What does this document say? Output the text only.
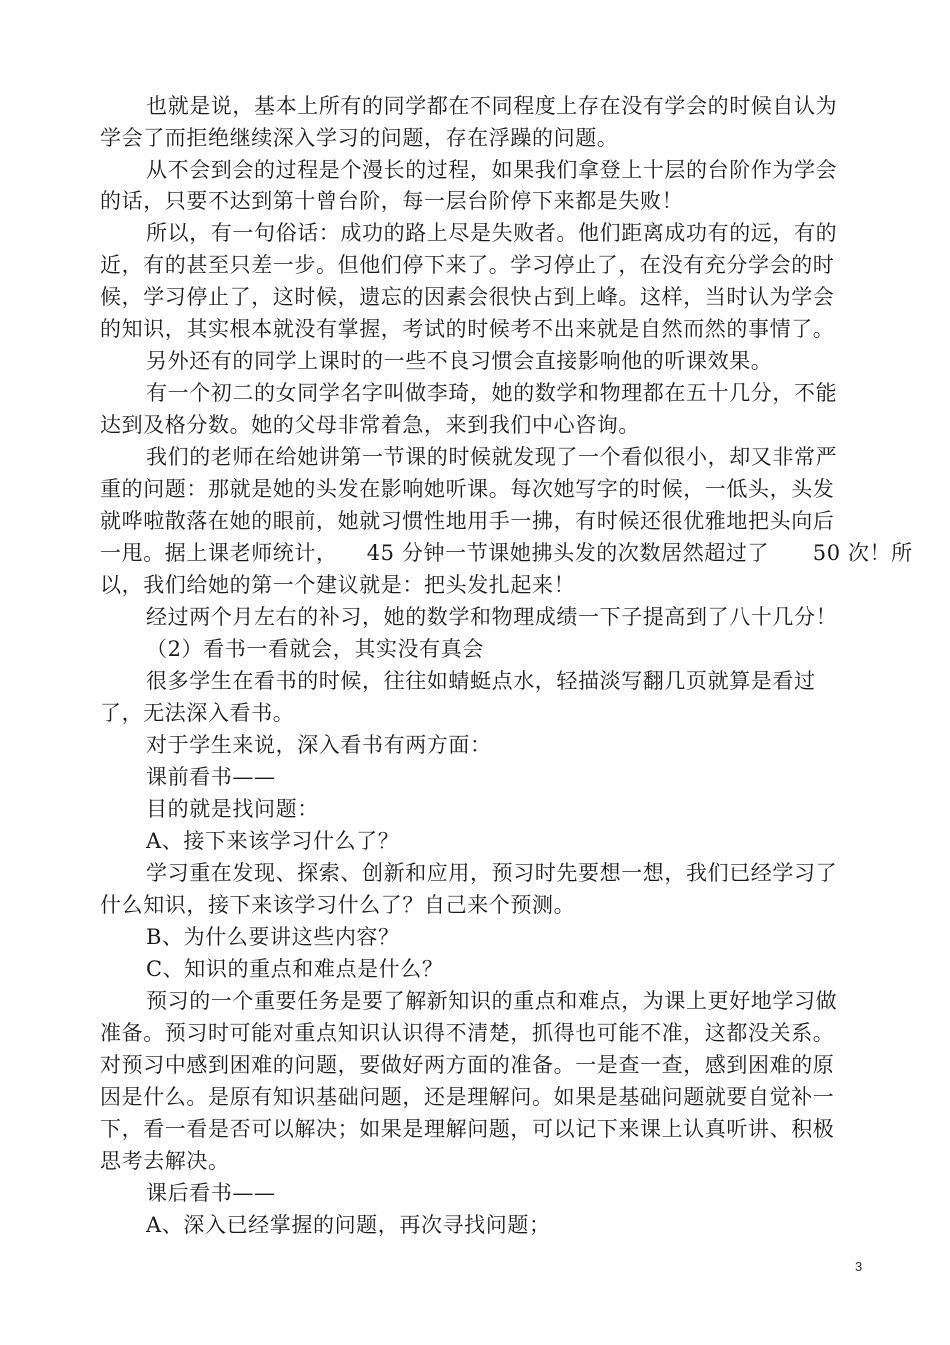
也就是说，基本上所有的同学都在不同程度上存在没有学会的时候自认为
学会了而拒绝继续深入学习的问题，存在浮躁的问题。
从不会到会的过程是个漫长的过程，如果我们拿登上十层的台阶作为学会
的话，只要不达到第十曾台阶，每一层台阶停下来都是失败！
所以，有一句俗话：成功的路上尽是失败者。他们距离成功有的远，有的
近，有的甚至只差一步。但他们停下来了。学习停止了，在没有充分学会的时
候，学习停止了，这时候，遗忘的因素会很快占到上峰。这样，当时认为学会
的知识，其实根本就没有掌握，考试的时候考不出来就是自然而然的事情了。
另外还有的同学上课时的一些不良习惯会直接影响他的听课效果。
有一个初二的女同学名字叫做李琦，她的数学和物理都在五十几分，不能
达到及格分数。她的父母非常着急，来到我们中心咨询。
我们的老师在给她讲第一节课的时候就发现了一个看似很小，却又非常严
重的问题：那就是她的头发在影响她听课。每次她写字的时候，一低头，头发
就哗啦散落在她的眼前，她就习惯性地用手一拂，有时候还很优雅地把头向后
一甩。据上课老师统计，    45 分钟一节课她拂头发的次数居然超过了      50 次！所
以，我们给她的第一个建议就是：把头发扎起来！
经过两个月左右的补习，她的数学和物理成绩一下子提高到了八十几分！
（2）看书一看就会，其实没有真会
很多学生在看书的时候，往往如蜻蜓点水，轻描淡写翻几页就算是看过
了，无法深入看书。
对于学生来说，深入看书有两方面：
课前看书——
目的就是找问题：
A、接下来该学习什么了？
学习重在发现、探索、创新和应用，预习时先要想一想，我们已经学习了
什么知识，接下来该学习什么了？自己来个预测。
B、为什么要讲这些内容？
C、知识的重点和难点是什么？
预习的一个重要任务是要了解新知识的重点和难点，为课上更好地学习做
准备。预习时可能对重点知识认识得不清楚，抓得也可能不准，这都没关系。
对预习中感到困难的问题，要做好两方面的准备。一是查一查，感到困难的原
因是什么。是原有知识基础问题，还是理解问。如果是基础问题就要自觉补一
下，看一看是否可以解决；如果是理解问题，可以记下来课上认真听讲、积极
思考去解决。
课后看书——
A、深入已经掌握的问题，再次寻找问题；
3
